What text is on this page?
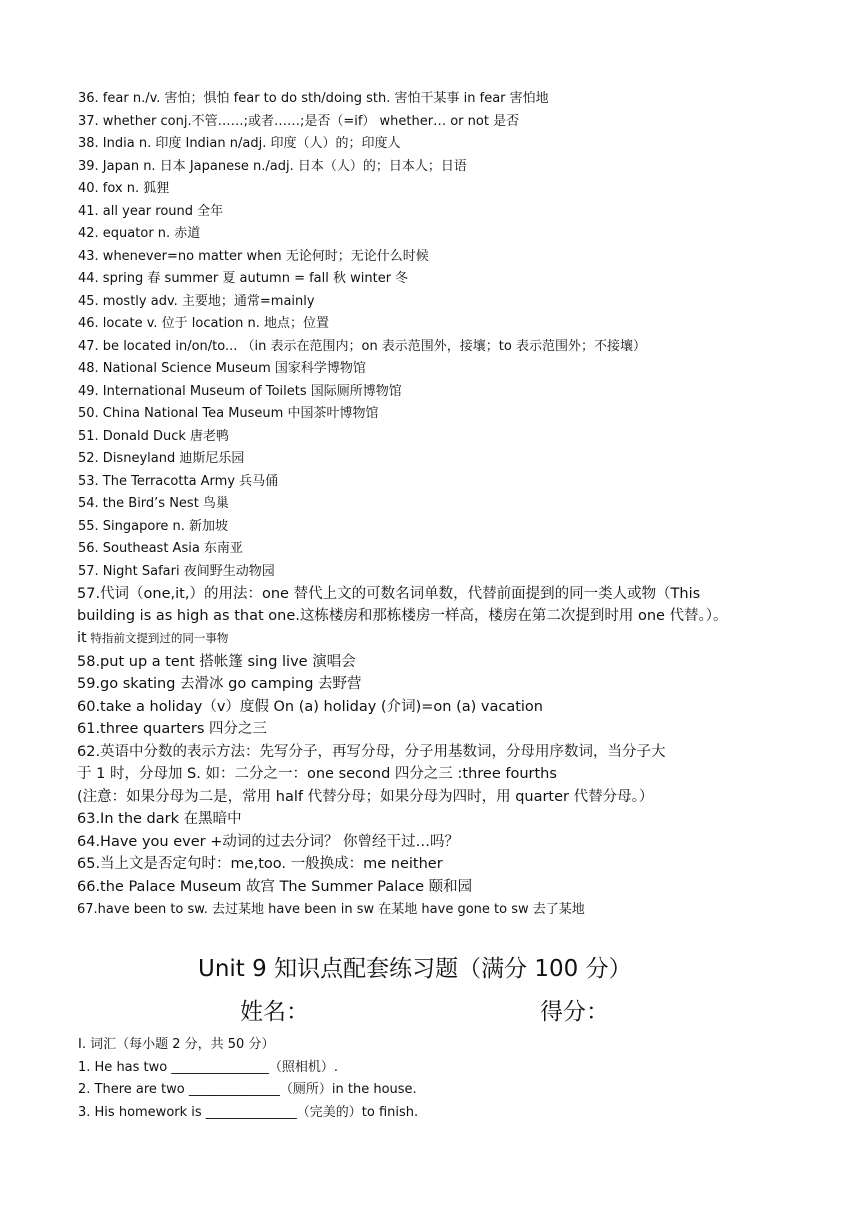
36. fear n./v. 害怕；惧怕 fear to do sth/doing sth. 害怕干某事 in fear 害怕地
37. whether conj.不管……;或者……;是否（=if） whether… or not 是否
38. India n. 印度 Indian n/adj. 印度（人）的；印度人
39. Japan n. 日本 Japanese n./adj. 日本（人）的；日本人；日语
40. fox n. 狐狸
41. all year round 全年
42. equator n. 赤道
43. whenever=no matter when 无论何时；无论什么时候
44. spring 春 summer 夏 autumn = fall 秋 winter 冬
45. mostly adv. 主要地；通常=mainly
46. locate v. 位于 location n. 地点；位置
47. be located in/on/to... （in 表示在范围内；on 表示范围外，接壤；to 表示范围外；不接壤）
48. National Science Museum 国家科学博物馆
49. International Museum of Toilets 国际厕所博物馆
50. China National Tea Museum 中国茶叶博物馆
51. Donald Duck 唐老鸭
52. Disneyland 迪斯尼乐园
53. The Terracotta Army 兵马俑
54. the Bird’s Nest 鸟巢
55. Singapore n. 新加坡
56. Southeast Asia 东南亚
57. Night Safari 夜间野生动物园
57.代词（one,it,）的用法：one 替代上文的可数名词单数，代替前面提到的同一类人或物（This
building is as high as that one.这栋楼房和那栋楼房一样高，楼房在第二次提到时用 one 代替。）。
it 特指前文提到过的同一事物
58.put up a tent 搭帐篷 sing live 演唱会
59.go skating 去滑冰 go camping 去野营
60.take a holiday（v）度假 On (a) holiday (介词)=on (a) vacation
61.three quarters 四分之三
62.英语中分数的表示方法：先写分子，再写分母，分子用基数词，分母用序数词，当分子大
于 1 时，分母加 S. 如：二分之一：one second 四分之三 :three fourths
(注意：如果分母为二是，常用 half 代替分母；如果分母为四时，用 quarter 代替分母。）
63.In the dark 在黑暗中
64.Have you ever +动词的过去分词？ 你曾经干过…吗？
65.当上文是否定句时：me,too. 一般换成：me neither
66.the Palace Museum 故宫 The Summer Palace 颐和园
67.have been to sw. 去过某地 have been in sw 在某地 have gone to sw 去了某地
Unit 9 知识点配套练习题（满分 100 分）
姓名：	得分：
I. 词汇（每小题 2 分，共 50 分）
1. He has two _______________（照相机）.
2. There are two ______________（厕所）in the house.
3. His homework is ______________（完美的）to finish.
